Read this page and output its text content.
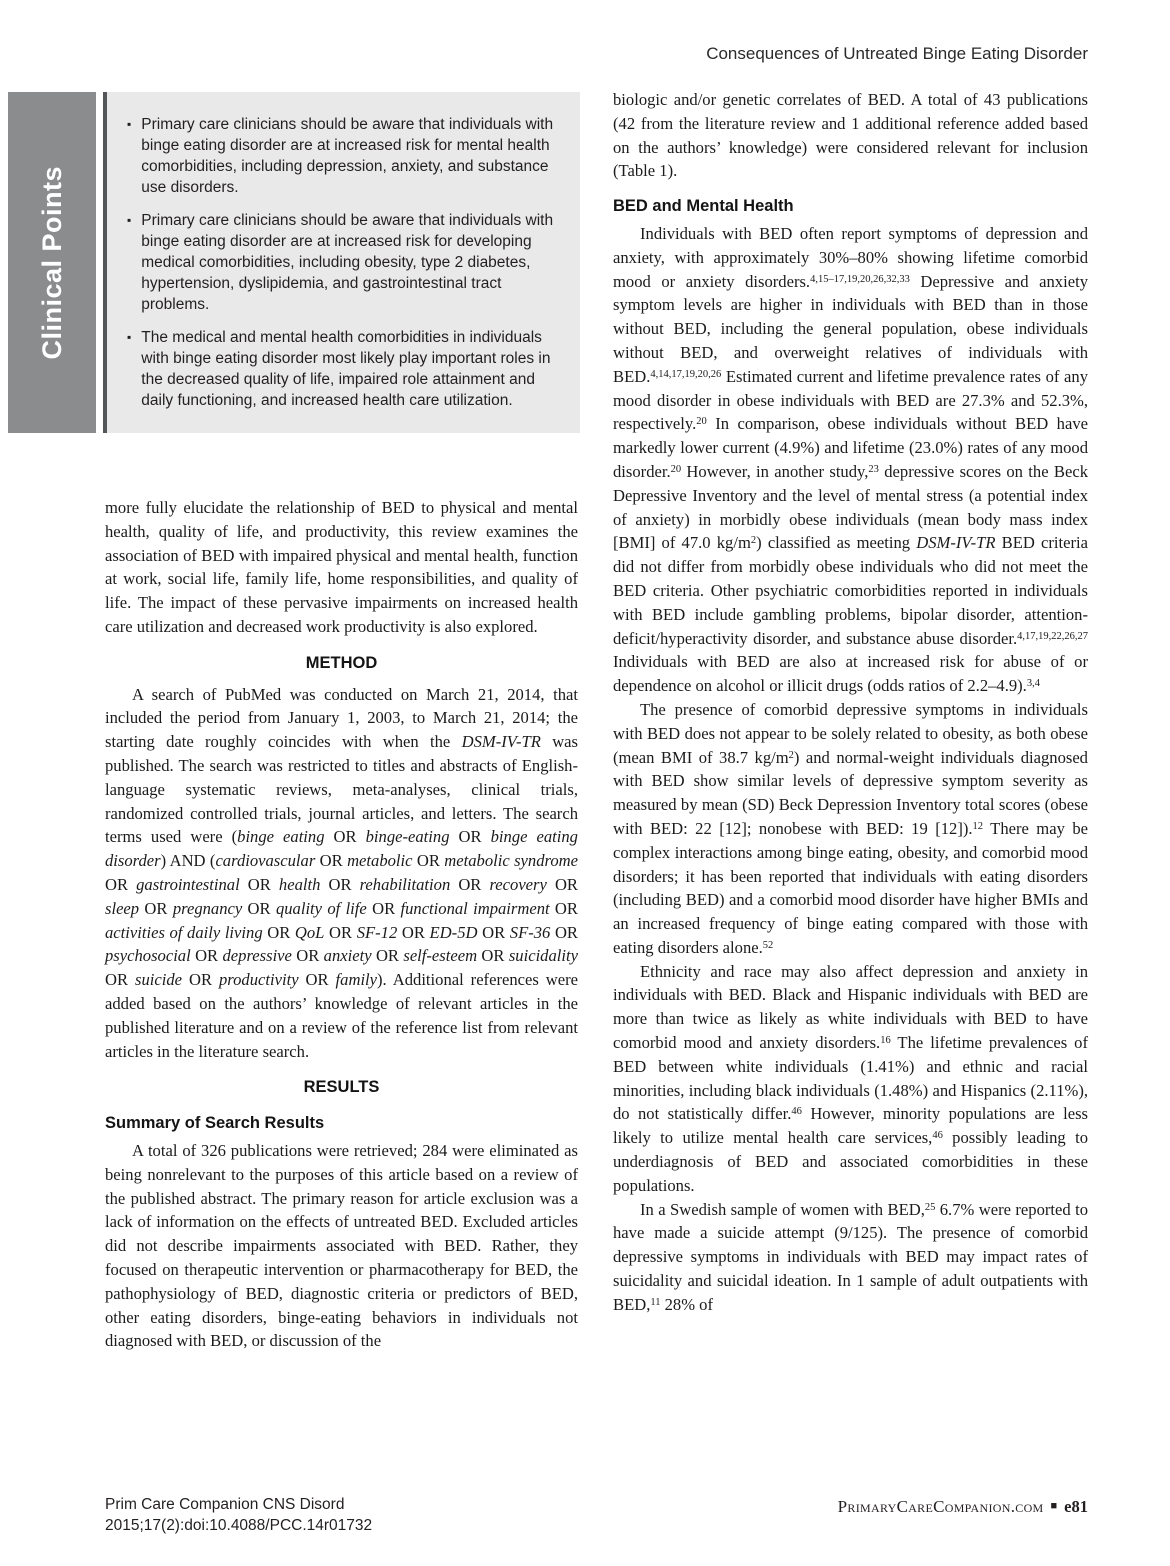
Consequences of Untreated Binge Eating Disorder
Clinical Points
▪ Primary care clinicians should be aware that individuals with binge eating disorder are at increased risk for mental health comorbidities, including depression, anxiety, and substance use disorders.
▪ Primary care clinicians should be aware that individuals with binge eating disorder are at increased risk for developing medical comorbidities, including obesity, type 2 diabetes, hypertension, dyslipidemia, and gastrointestinal tract problems.
▪ The medical and mental health comorbidities in individuals with binge eating disorder most likely play important roles in the decreased quality of life, impaired role attainment and daily functioning, and increased health care utilization.

more fully elucidate the relationship of BED to physical and mental health, quality of life, and productivity, this review examines the association of BED with impaired physical and mental health, function at work, social life, family life, home responsibilities, and quality of life. The impact of these pervasive impairments on increased health care utilization and decreased work productivity is also explored.

METHOD

A search of PubMed was conducted on March 21, 2014, that included the period from January 1, 2003, to March 21, 2014; the starting date roughly coincides with when the DSM-IV-TR was published. The search was restricted to titles and abstracts of English-language systematic reviews, meta-analyses, clinical trials, randomized controlled trials, journal articles, and letters. The search terms used were (binge eating OR binge-eating OR binge eating disorder) AND (cardiovascular OR metabolic OR metabolic syndrome OR gastrointestinal OR health OR rehabilitation OR recovery OR sleep OR pregnancy OR quality of life OR functional impairment OR activities of daily living OR QoL OR SF-12 OR ED-5D OR SF-36 OR psychosocial OR depressive OR anxiety OR self-esteem OR suicidality OR suicide OR productivity OR family). Additional references were added based on the authors’ knowledge of relevant articles in the published literature and on a review of the reference list from relevant articles in the literature search.

RESULTS
Summary of Search Results

A total of 326 publications were retrieved; 284 were eliminated as being nonrelevant to the purposes of this article based on a review of the published abstract. The primary reason for article exclusion was a lack of information on the effects of untreated BED. Excluded articles did not describe impairments associated with BED. Rather, they focused on therapeutic intervention or pharmacotherapy for BED, the pathophysiology of BED, diagnostic criteria or predictors of BED, other eating disorders, binge-eating behaviors in individuals not diagnosed with BED, or discussion of the

biologic and/or genetic correlates of BED. A total of 43 publications (42 from the literature review and 1 additional reference added based on the authors’ knowledge) were considered relevant for inclusion (Table 1).

BED and Mental Health

Individuals with BED often report symptoms of depression and anxiety, with approximately 30%–80% showing lifetime comorbid mood or anxiety disorders.$^{4,15-17,19,20,26,32,33}$ Depressive and anxiety symptom levels are higher in individuals with BED than in those without BED, including the general population, obese individuals without BED, and overweight relatives of individuals with BED.$^{4,14,17,19,20,26}$ Estimated current and lifetime prevalence rates of any mood disorder in obese individuals with BED are 27.3% and 52.3%, respectively.$^{20}$ In comparison, obese individuals without BED have markedly lower current (4.9%) and lifetime (23.0%) rates of any mood disorder.$^{20}$ However, in another study,$^{23}$ depressive scores on the Beck Depressive Inventory and the level of mental stress (a potential index of anxiety) in morbidly obese individuals (mean body mass index [BMI] of 47.0 $kg/m^2$) classified as meeting DSM-IV-TR BED criteria did not differ from morbidly obese individuals who did not meet the BED criteria. Other psychiatric comorbidities reported in individuals with BED include gambling problems, bipolar disorder, attention-deficit/hyperactivity disorder, and substance abuse disorder.$^{4,17,19,22,26,27}$ Individuals with BED are also at increased risk for abuse of or dependence on alcohol or illicit drugs (odds ratios of 2.2–4.9).$^{3,4}$

The presence of comorbid depressive symptoms in individuals with BED does not appear to be solely related to obesity, as both obese (mean BMI of 38.7 $kg/m^2$) and normal-weight individuals diagnosed with BED show similar levels of depressive symptom severity as measured by mean (SD) Beck Depression Inventory total scores (obese with BED: 22 [12]; nonobese with BED: 19 [12]).$^{12}$ There may be complex interactions among binge eating, obesity, and comorbid mood disorders; it has been reported that individuals with eating disorders (including BED) and a comorbid mood disorder have higher BMIs and an increased frequency of binge eating compared with those with eating disorders alone.$^{52}$

Ethnicity and race may also affect depression and anxiety in individuals with BED. Black and Hispanic individuals with BED are more than twice as likely as white individuals with BED to have comorbid mood and anxiety disorders.$^{16}$ The lifetime prevalences of BED between white individuals (1.41%) and ethnic and racial minorities, including black individuals (1.48%) and Hispanics (2.11%), do not statistically differ.$^{46}$ However, minority populations are less likely to utilize mental health care services,$^{46}$ possibly leading to underdiagnosis of BED and associated comorbidities in these populations.

In a Swedish sample of women with BED,$^{25}$ 6.7% were reported to have made a suicide attempt (9/125). The presence of comorbid depressive symptoms in individuals with BED may impact rates of suicidality and suicidal ideation. In 1 sample of adult outpatients with BED,$^{11}$ 28% of

Prim Care Companion CNS Disord
2015;17(2):doi:10.4088/PCC.14r01732
PrimaryCareCompanion.com ■ e81
